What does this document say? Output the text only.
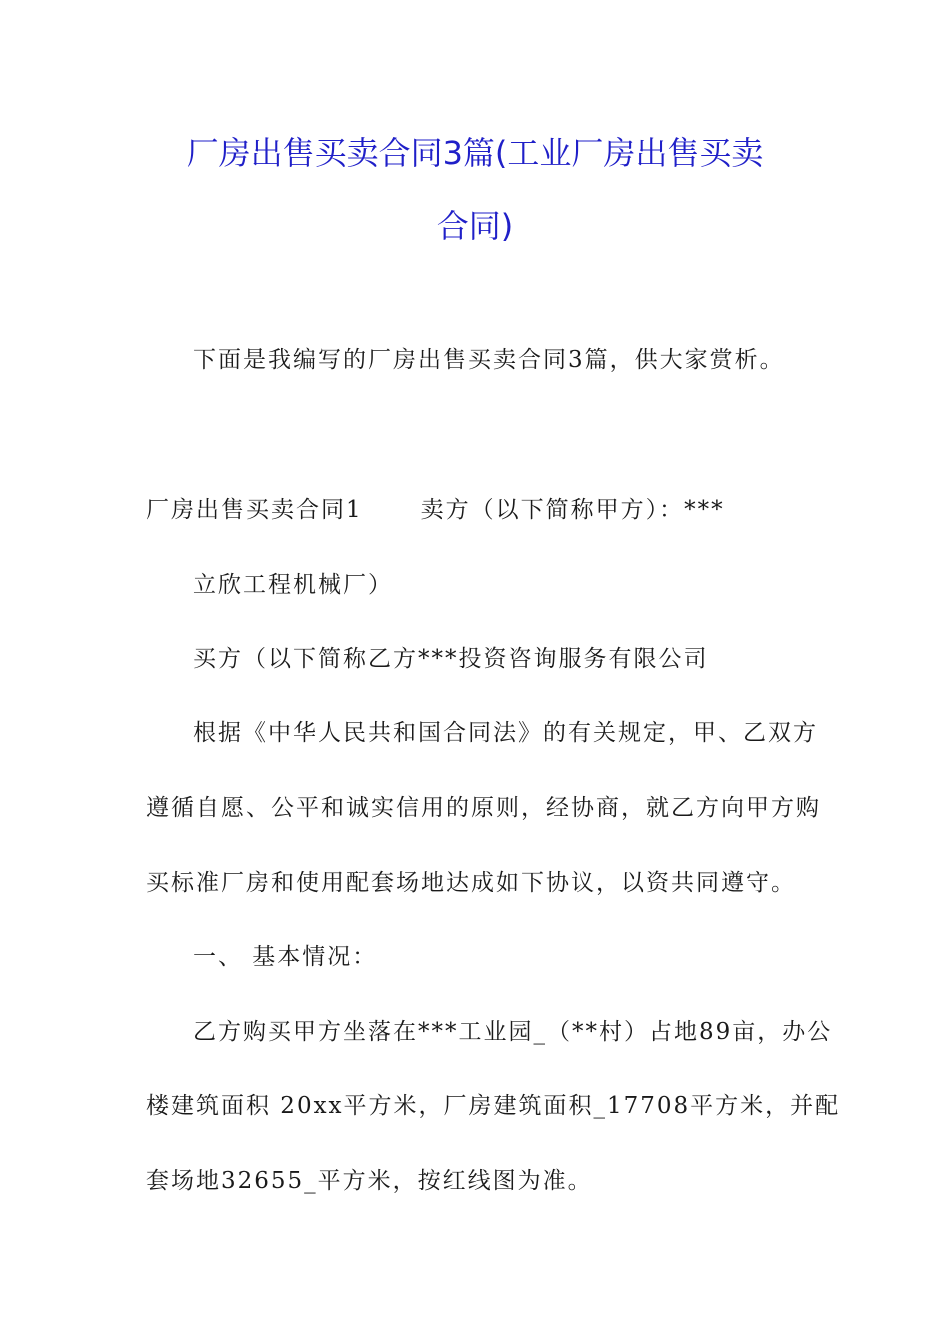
厂房出售买卖合同3篇(工业厂房出售买卖
合同)
下面是我编写的厂房出售买卖合同3篇，供大家赏析。
厂房出售买卖合同1	卖方（以下简称甲方）：***
立欣工程机械厂）
买方（以下简称乙方***投资咨询服务有限公司
根据《中华人民共和国合同法》的有关规定，甲、乙双方
遵循自愿、公平和诚实信用的原则，经协商，就乙方向甲方购
买标准厂房和使用配套场地达成如下协议，以资共同遵守。
一、 基本情况：
乙方购买甲方坐落在***工业园_（**村）占地89亩，办公
楼建筑面积 20xx平方米，厂房建筑面积_17708平方米，并配
套场地32655_平方米，按红线图为准。
